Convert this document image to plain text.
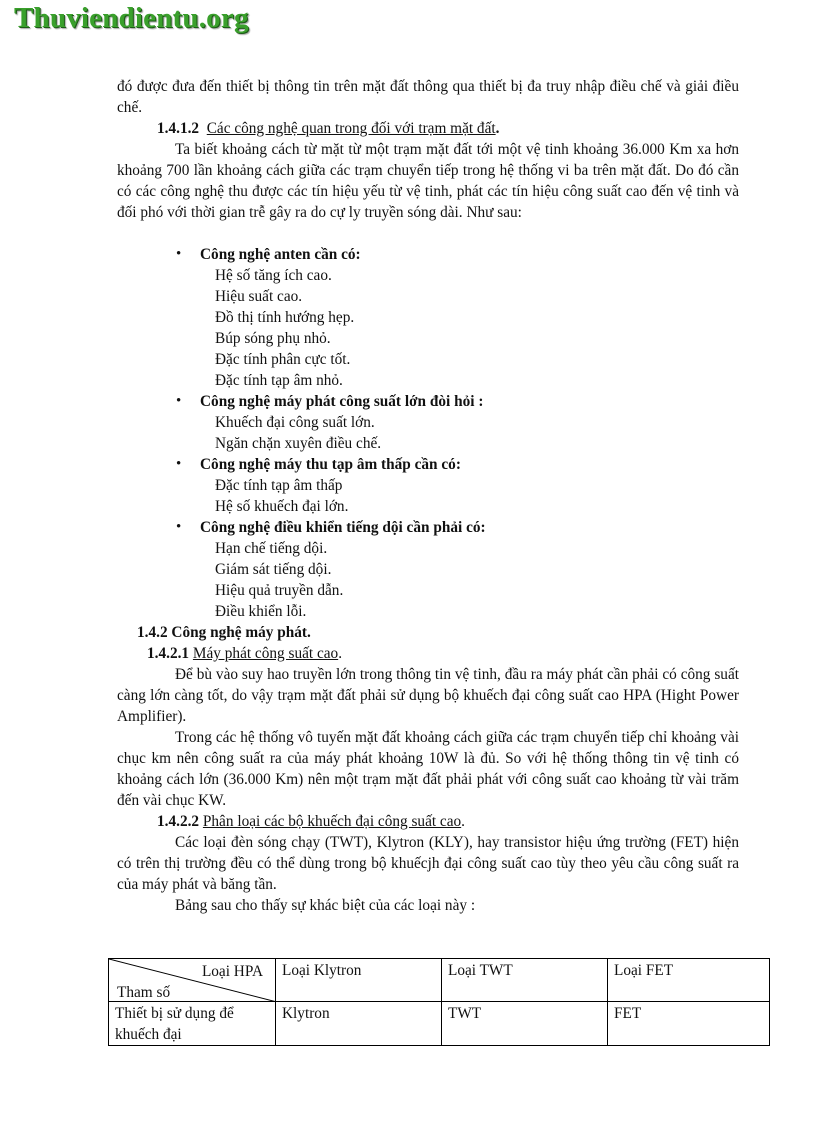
Thuviendientu.org

đó được đưa đến thiết bị thông tin trên mặt đất thông qua thiết bị đa truy nhập điều chế và giải điều chế.

1.4.1.2 Các công nghệ quan trong đối với trạm mặt đất.

Ta biết khoảng cách từ mặt từ một trạm mặt đất tới một vệ tinh khoảng 36.000 Km xa hơn khoảng 700 lần khoảng cách giữa các trạm chuyển tiếp trong hệ thống vi ba trên mặt đất. Do đó cần có các công nghệ thu được các tín hiệu yếu từ vệ tinh, phát các tín hiệu công suất cao đến vệ tinh và đối phó với thời gian trễ gây ra do cự ly truyền sóng dài. Như sau:

• Công nghệ anten cần có:
Hệ số tăng ích cao.
Hiệu suất cao.
Đồ thị tính hướng hẹp.
Búp sóng phụ nhỏ.
Đặc tính phân cực tốt.
Đặc tính tạp âm nhỏ.
• Công nghệ máy phát công suất lớn đòi hỏi :
Khuếch đại công suất lớn.
Ngăn chặn xuyên điều chế.
• Công nghệ máy thu tạp âm thấp cần có:
Đặc tính tạp âm thấp
Hệ số khuếch đại lớn.
• Công nghệ điều khiển tiếng dội cần phải có:
Hạn chế tiếng dội.
Giám sát tiếng dội.
Hiệu quả truyền dẫn.
Điều khiển lỗi.

1.4.2 Công nghệ máy phát.

1.4.2.1 Máy phát công suất cao.

Để bù vào suy hao truyền lớn trong thông tin vệ tinh, đầu ra máy phát cần phải có công suất càng lớn càng tốt, do vậy trạm mặt đất phải sử dụng bộ khuếch đại công suất cao HPA (Hight Power Amplifier).

Trong các hệ thống vô tuyến mặt đất khoảng cách giữa các trạm chuyển tiếp chỉ khoảng vài chục km nên công suất ra của máy phát khoảng 10W là đủ. So với hệ thống thông tin vệ tinh có khoảng cách lớn (36.000 Km) nên một trạm mặt đất phải phát với công suất cao khoảng từ vài trăm đến vài chục KW.

1.4.2.2 Phân loại các bộ khuếch đại công suất cao.

Các loại đèn sóng chạy (TWT), Klytron (KLY), hay transistor hiệu ứng trường (FET) hiện có trên thị trường đều có thể dùng trong bộ khuếcjh đại công suất cao tùy theo yêu cầu công suất ra của máy phát và băng tần.

Bảng sau cho thấy sự khác biệt của các loại này :

Loại HPA
Tham số	Loại Klytron	Loại TWT	Loại FET
Thiết bị sử dụng để khuếch đại	Klytron	TWT	FET
